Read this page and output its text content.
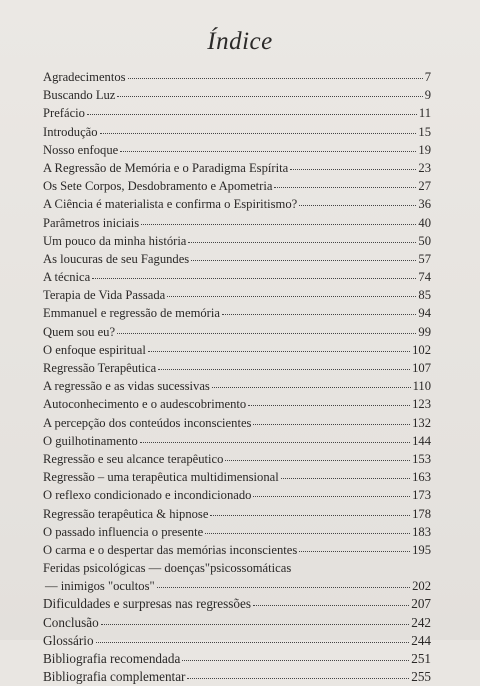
Índice
Agradecimentos	7
Buscando Luz	9
Prefácio	11
Introdução	15
Nosso enfoque	19
A Regressão de Memória e o Paradigma Espírita	23
Os Sete Corpos, Desdobramento e Apometria	27
A Ciência é materialista e confirma o Espiritismo?	36
Parâmetros iniciais	40
Um pouco da minha história	50
As loucuras de seu Fagundes	57
A técnica	74
Terapia de Vida Passada	85
Emmanuel e regressão de memória	94
Quem sou eu?	99
O enfoque espiritual	102
Regressão Terapêutica	107
A regressão e as vidas sucessivas	110
Autoconhecimento e o audescobrimento	123
A percepção dos conteúdos inconscientes	132
O guilhotinamento	144
Regressão e seu alcance terapêutico	153
Regressão – uma terapêutica multidimensional	163
O reflexo condicionado e incondicionado	173
Regressão terapêutica & hipnose	178
O passado influencia o presente	183
O carma e o despertar das memórias inconscientes	195
Feridas psicológicas — doenças"psicossomáticas
— inimigos "ocultos"	202
Dificuldades e surpresas nas regressões	207
Conclusão	242
Glossário	244
Bibliografia recomendada	251
Bibliografia complementar	255
